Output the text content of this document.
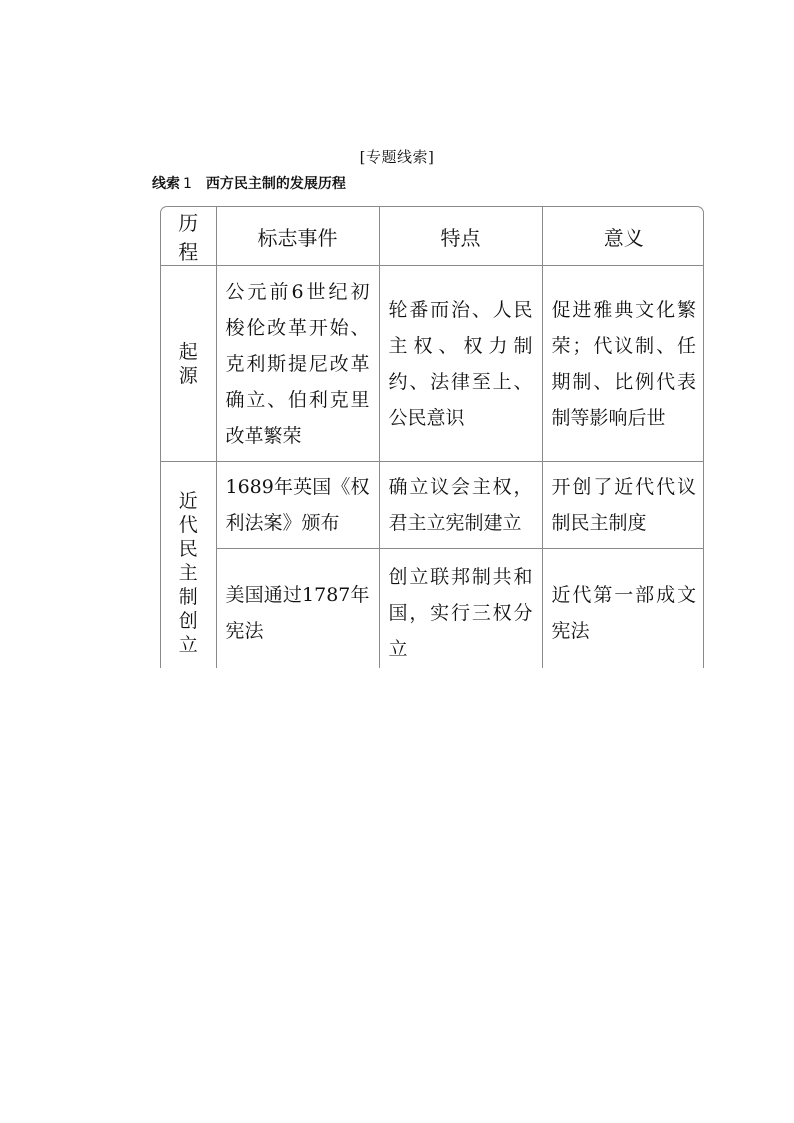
[专题线索]
线索 1 西方民主制的发展历程
历程	标志事件	特点	意义
起源	公元前6世纪初梭伦改革开始、克利斯提尼改革确立、伯利克里改革繁荣	轮番而治、人民主权、权力制约、法律至上、公民意识	促进雅典文化繁荣；代议制、任期制、比例代表制等影响后世
近代民主制创立	1689年英国《权利法案》颁布	确立议会主权，君主立宪制建立	开创了近代代议制民主制度
	美国通过1787年宪法	创立联邦制共和国，实行三权分立	近代第一部成文宪法
